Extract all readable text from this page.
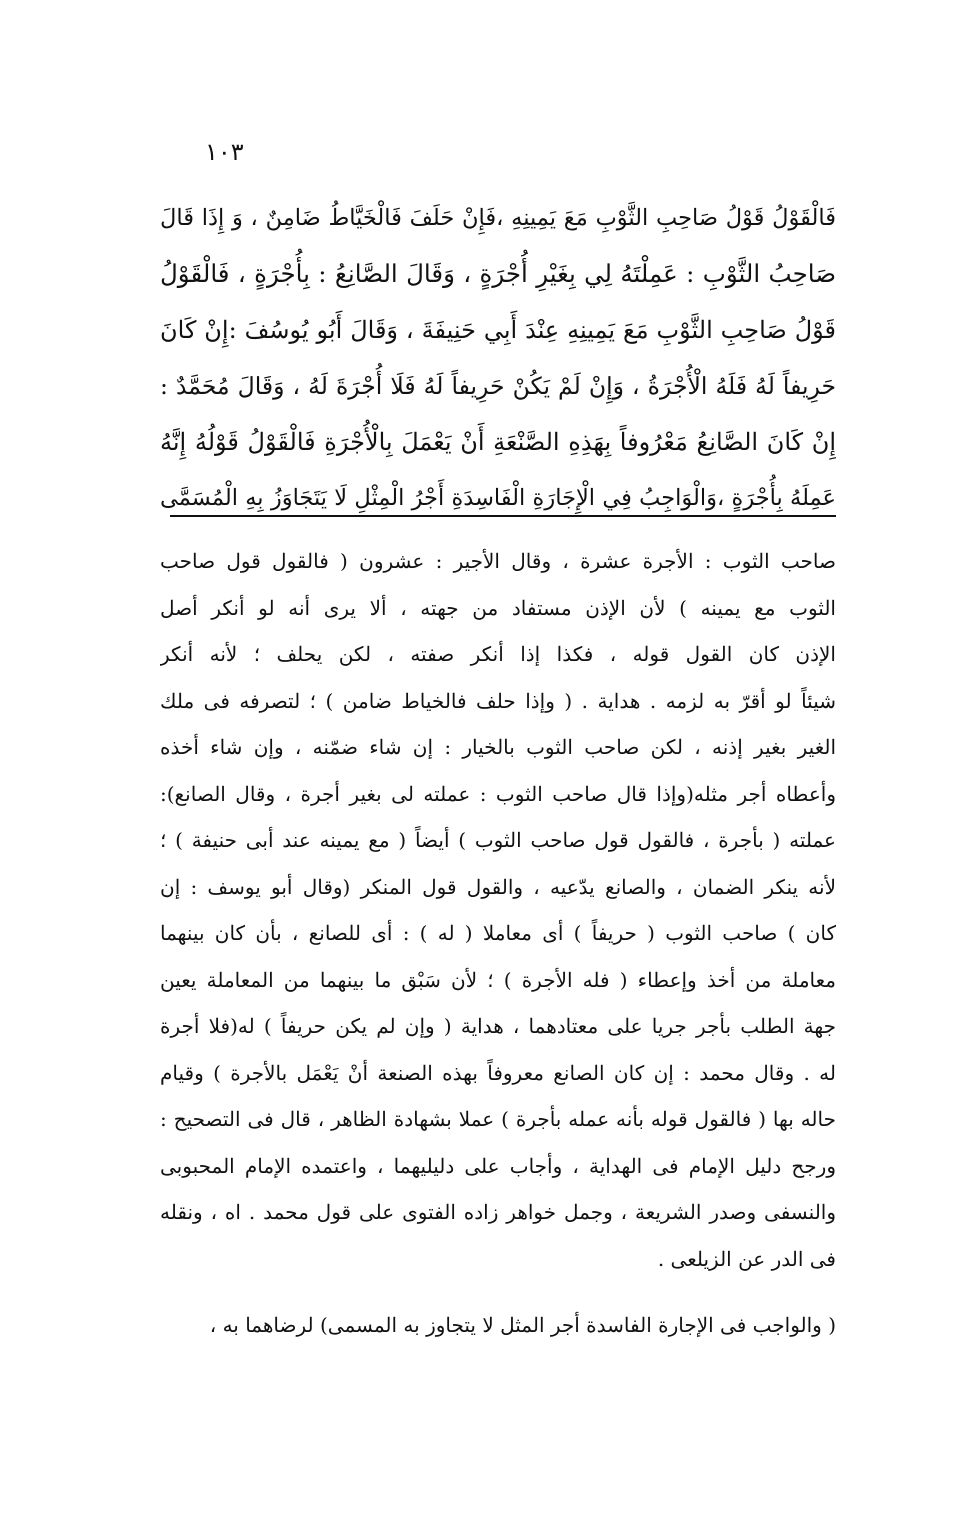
١٠٣
فَالْقَوْلُ قَوْلُ صَاحِبِ الثَّوْبِ مَعَ يَمِينِهِ ،فَإِنْ حَلَفَ فَالْخَيَّاطُ ضَامِنٌ ، وَ إِذَا قَالَ
صَاحِبُ الثَّوْبِ : عَمِلْتَهُ لِي بِغَيْرِ أُجْرَةٍ ، وَقَالَ الصَّانِعُ : بِأُجْرَةٍ ، فَالْقَوْلُ
قَوْلُ صَاحِبِ الثَّوْبِ مَعَ يَمِينِهِ عِنْدَ أَبِي حَنِيفَةَ ، وَقَالَ أَبُو يُوسُفَ :إِنْ كَانَ
حَرِيفاً لَهُ فَلَهُ الْأُجْرَةُ ، وَإِنْ لَمْ يَكُنْ حَرِيفاً لَهُ فَلَا أُجْرَةَ لَهُ ، وَقَالَ مُحَمَّدٌ :
إِنْ كَانَ الصَّانِعُ مَعْرُوفاً بِهَذِهِ الصَّنْعَةِ أَنْ يَعْمَلَ بِالْأُجْرَةِ فَالْقَوْلُ قَوْلُهُ إِنَّهُ
عَمِلَهُ بِأُجْرَةٍ ،وَالْوَاجِبُ فِي الْإِجَارَةِ الْفَاسِدَةِ أَجْرُ الْمِثْلِ لَا يَتَجَاوَزُ بِهِ الْمُسَمَّى
صاحب الثوب : الأجرة عشرة ، وقال الأجير : عشرون ( فالقول قول صاحب
الثوب مع يمينه ) لأن الإذن مستفاد من جهته ، ألا يرى أنه لو أنكر أصل
الإذن كان القول قوله ، فكذا إذا أنكر صفته ، لكن يحلف ؛ لأنه أنكر
شيئاً لو أقرّ به لزمه . هداية . ( وإذا حلف فالخياط ضامن ) ؛ لتصرفه فى ملك
الغير بغير إذنه ، لكن صاحب الثوب بالخيار : إن شاء ضمّنه ، وإن شاء أخذه
وأعطاه أجر مثله(وإذا قال صاحب الثوب : عملته لى بغير أجرة ، وقال الصانع):
عملته ( بأجرة ، فالقول قول صاحب الثوب ) أيضاً ( مع يمينه عند أبى حنيفة ) ؛
لأنه ينكر الضمان ، والصانع يدّعيه ، والقول قول المنكر (وقال أبو يوسف : إن
كان ) صاحب الثوب ( حريفاً ) أى معاملا ( له ) : أى للصانع ، بأن كان بينهما
معاملة من أخذ وإعطاء ( فله الأجرة ) ؛ لأن سَبْق ما بينهما من المعاملة يعين
جهة الطلب بأجر جريا على معتادهما ، هداية ( وإن لم يكن حريفاً ) له(فلا أجرة
له . وقال محمد : إن كان الصانع معروفاً بهذه الصنعة أنْ يَعْمَل بالأجرة ) وقيام
حاله بها ( فالقول قوله بأنه عمله بأجرة ) عملا بشهادة الظاهر ، قال فى التصحيح :
ورجح دليل الإمام فى الهداية ، وأجاب على دليليهما ، واعتمده الإمام المحبوبى
والنسفى وصدر الشريعة ، وجمل خواهر زاده الفتوى على قول محمد . اه ، ونقله
فى الدر عن الزيلعى .
( والواجب فى الإجارة الفاسدة أجر المثل لا يتجاوز به المسمى) لرضاهما به ،
